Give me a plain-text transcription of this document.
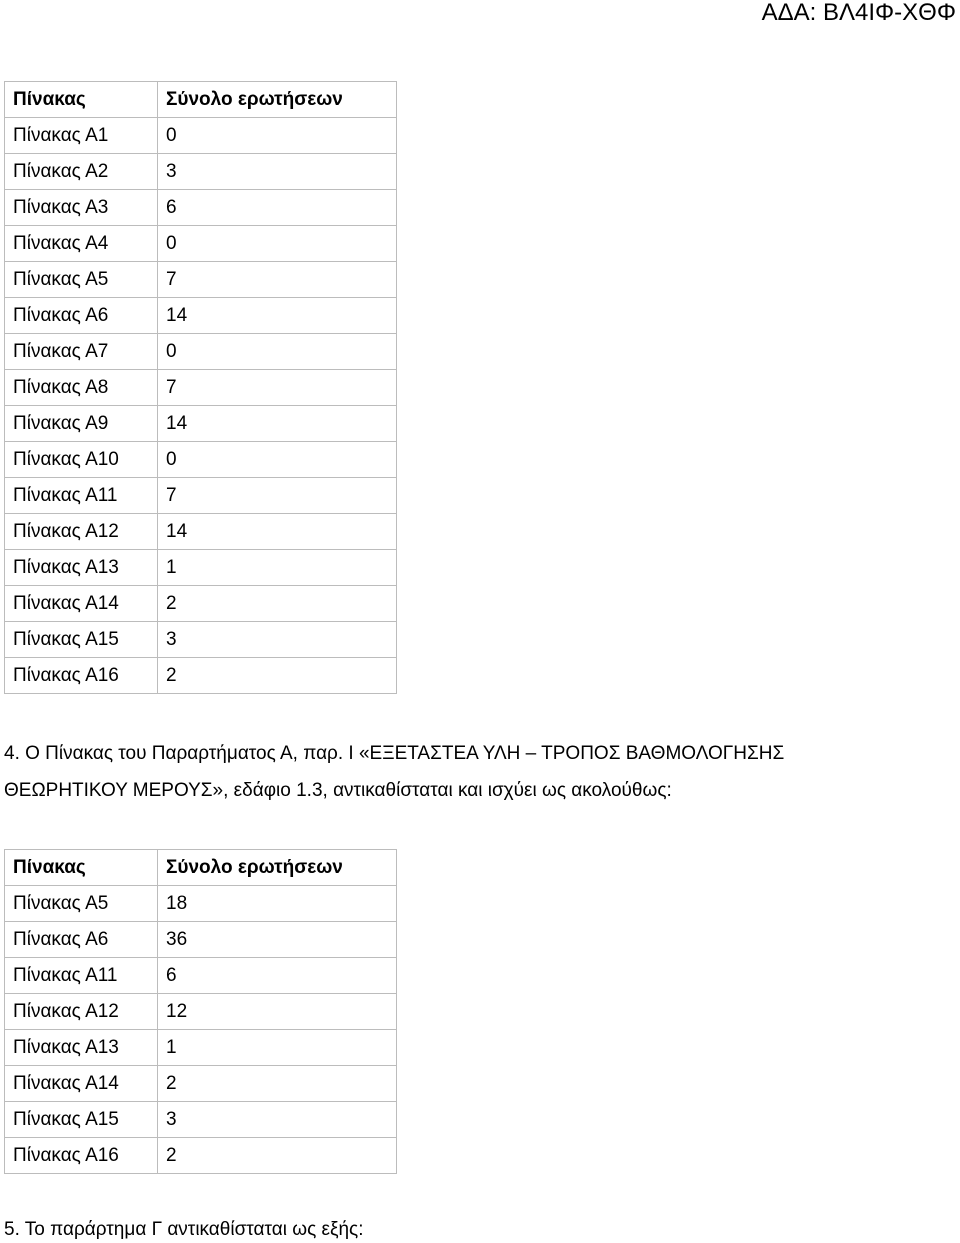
ΑΔΑ: ΒΛ4ΙΦ-ΧΘΦ
Πίνακας	Σύνολο ερωτήσεων
Πίνακας Α1	0
Πίνακας Α2	3
Πίνακας Α3	6
Πίνακας Α4	0
Πίνακας Α5	7
Πίνακας Α6	14
Πίνακας Α7	0
Πίνακας Α8	7
Πίνακας Α9	14
Πίνακας Α10	0
Πίνακας Α11	7
Πίνακας Α12	14
Πίνακας Α13	1
Πίνακας Α14	2
Πίνακας Α15	3
Πίνακας Α16	2

4. Ο Πίνακας του Παραρτήματος Α, παρ. Ι «ΕΞΕΤΑΣΤΕΑ ΥΛΗ – ΤΡΟΠΟΣ ΒΑΘΜΟΛΟΓΗΣΗΣ

ΘΕΩΡΗΤΙΚΟΥ ΜΕΡΟΥΣ», εδάφιο 1.3, αντικαθίσταται και ισχύει ως ακολούθως:

Πίνακας	Σύνολο ερωτήσεων
Πίνακας Α5	18
Πίνακας Α6	36
Πίνακας Α11	6
Πίνακας Α12	12
Πίνακας Α13	1
Πίνακας Α14	2
Πίνακας Α15	3
Πίνακας Α16	2
5. Το παράρτημα Γ αντικαθίσταται ως εξής:
